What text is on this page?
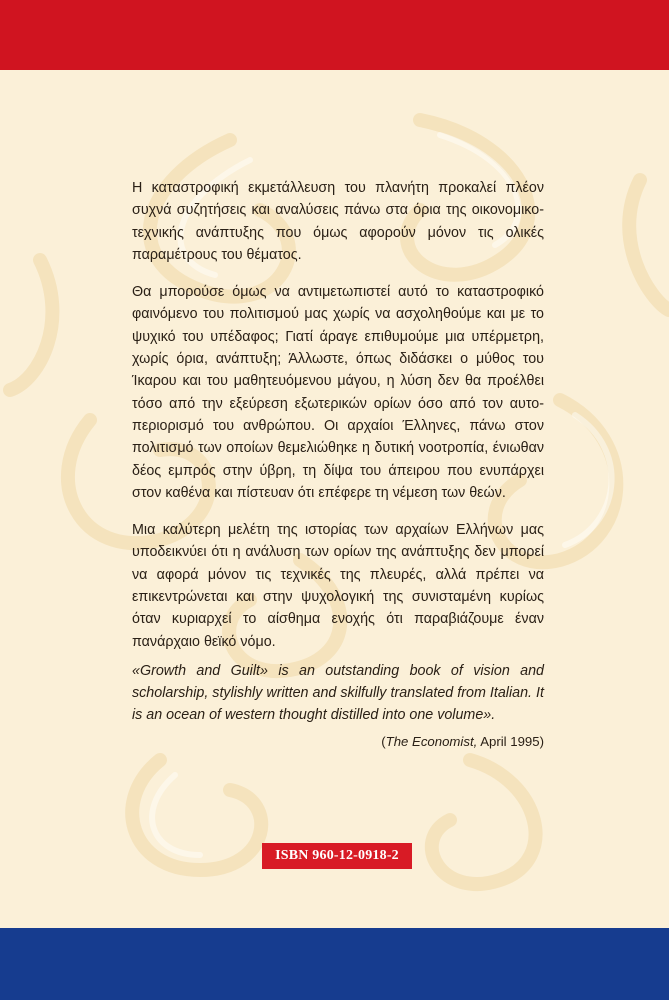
Η καταστροφική εκμετάλλευση του πλανήτη προκαλεί πλέον συχνά συζητήσεις και αναλύσεις πάνω στα όρια της οικονομικο-τεχνικής ανάπτυξης που όμως αφορούν μόνον τις ολικές παραμέτρους του θέματος.

Θα μπορούσε όμως να αντιμετωπιστεί αυτό το καταστροφικό φαινόμενο του πολιτισμού μας χωρίς να ασχοληθούμε και με το ψυχικό του υπέδαφος; Γιατί άραγε επιθυμούμε μια υπέρμετρη, χωρίς όρια, ανάπτυξη; Άλλωστε, όπως διδάσκει ο μύθος του Ίκαρου και του μαθητευόμενου μάγου, η λύση δεν θα προέλθει τόσο από την εξεύρεση εξωτερικών ορίων όσο από τον αυτο-περιορισμό του ανθρώπου. Οι αρχαίοι Έλληνες, πάνω στον πολιτισμό των οποίων θεμελιώθηκε η δυτική νοοτροπία, ένιωθαν δέος εμπρός στην ύβρη, τη δίψα του άπειρου που ενυπάρχει στον καθένα και πίστευαν ότι επέφερε τη νέμεση των θεών.

Μια καλύτερη μελέτη της ιστορίας των αρχαίων Ελλήνων μας υποδεικνύει ότι η ανάλυση των ορίων της ανάπτυξης δεν μπορεί να αφορά μόνον τις τεχνικές της πλευρές, αλλά πρέπει να επικεντρώνεται και στην ψυχολογική της συνισταμένη κυρίως όταν κυριαρχεί το αίσθημα ενοχής ότι παραβιάζουμε έναν πανάρχαιο θεϊκό νόμο.

«Growth and Guilt» is an outstanding book of vision and scholarship, stylishly written and skilfully translated from Italian. It is an ocean of western thought distilled into one volume».

(The Economist, April 1995)
ISBN 960-12-0918-2
